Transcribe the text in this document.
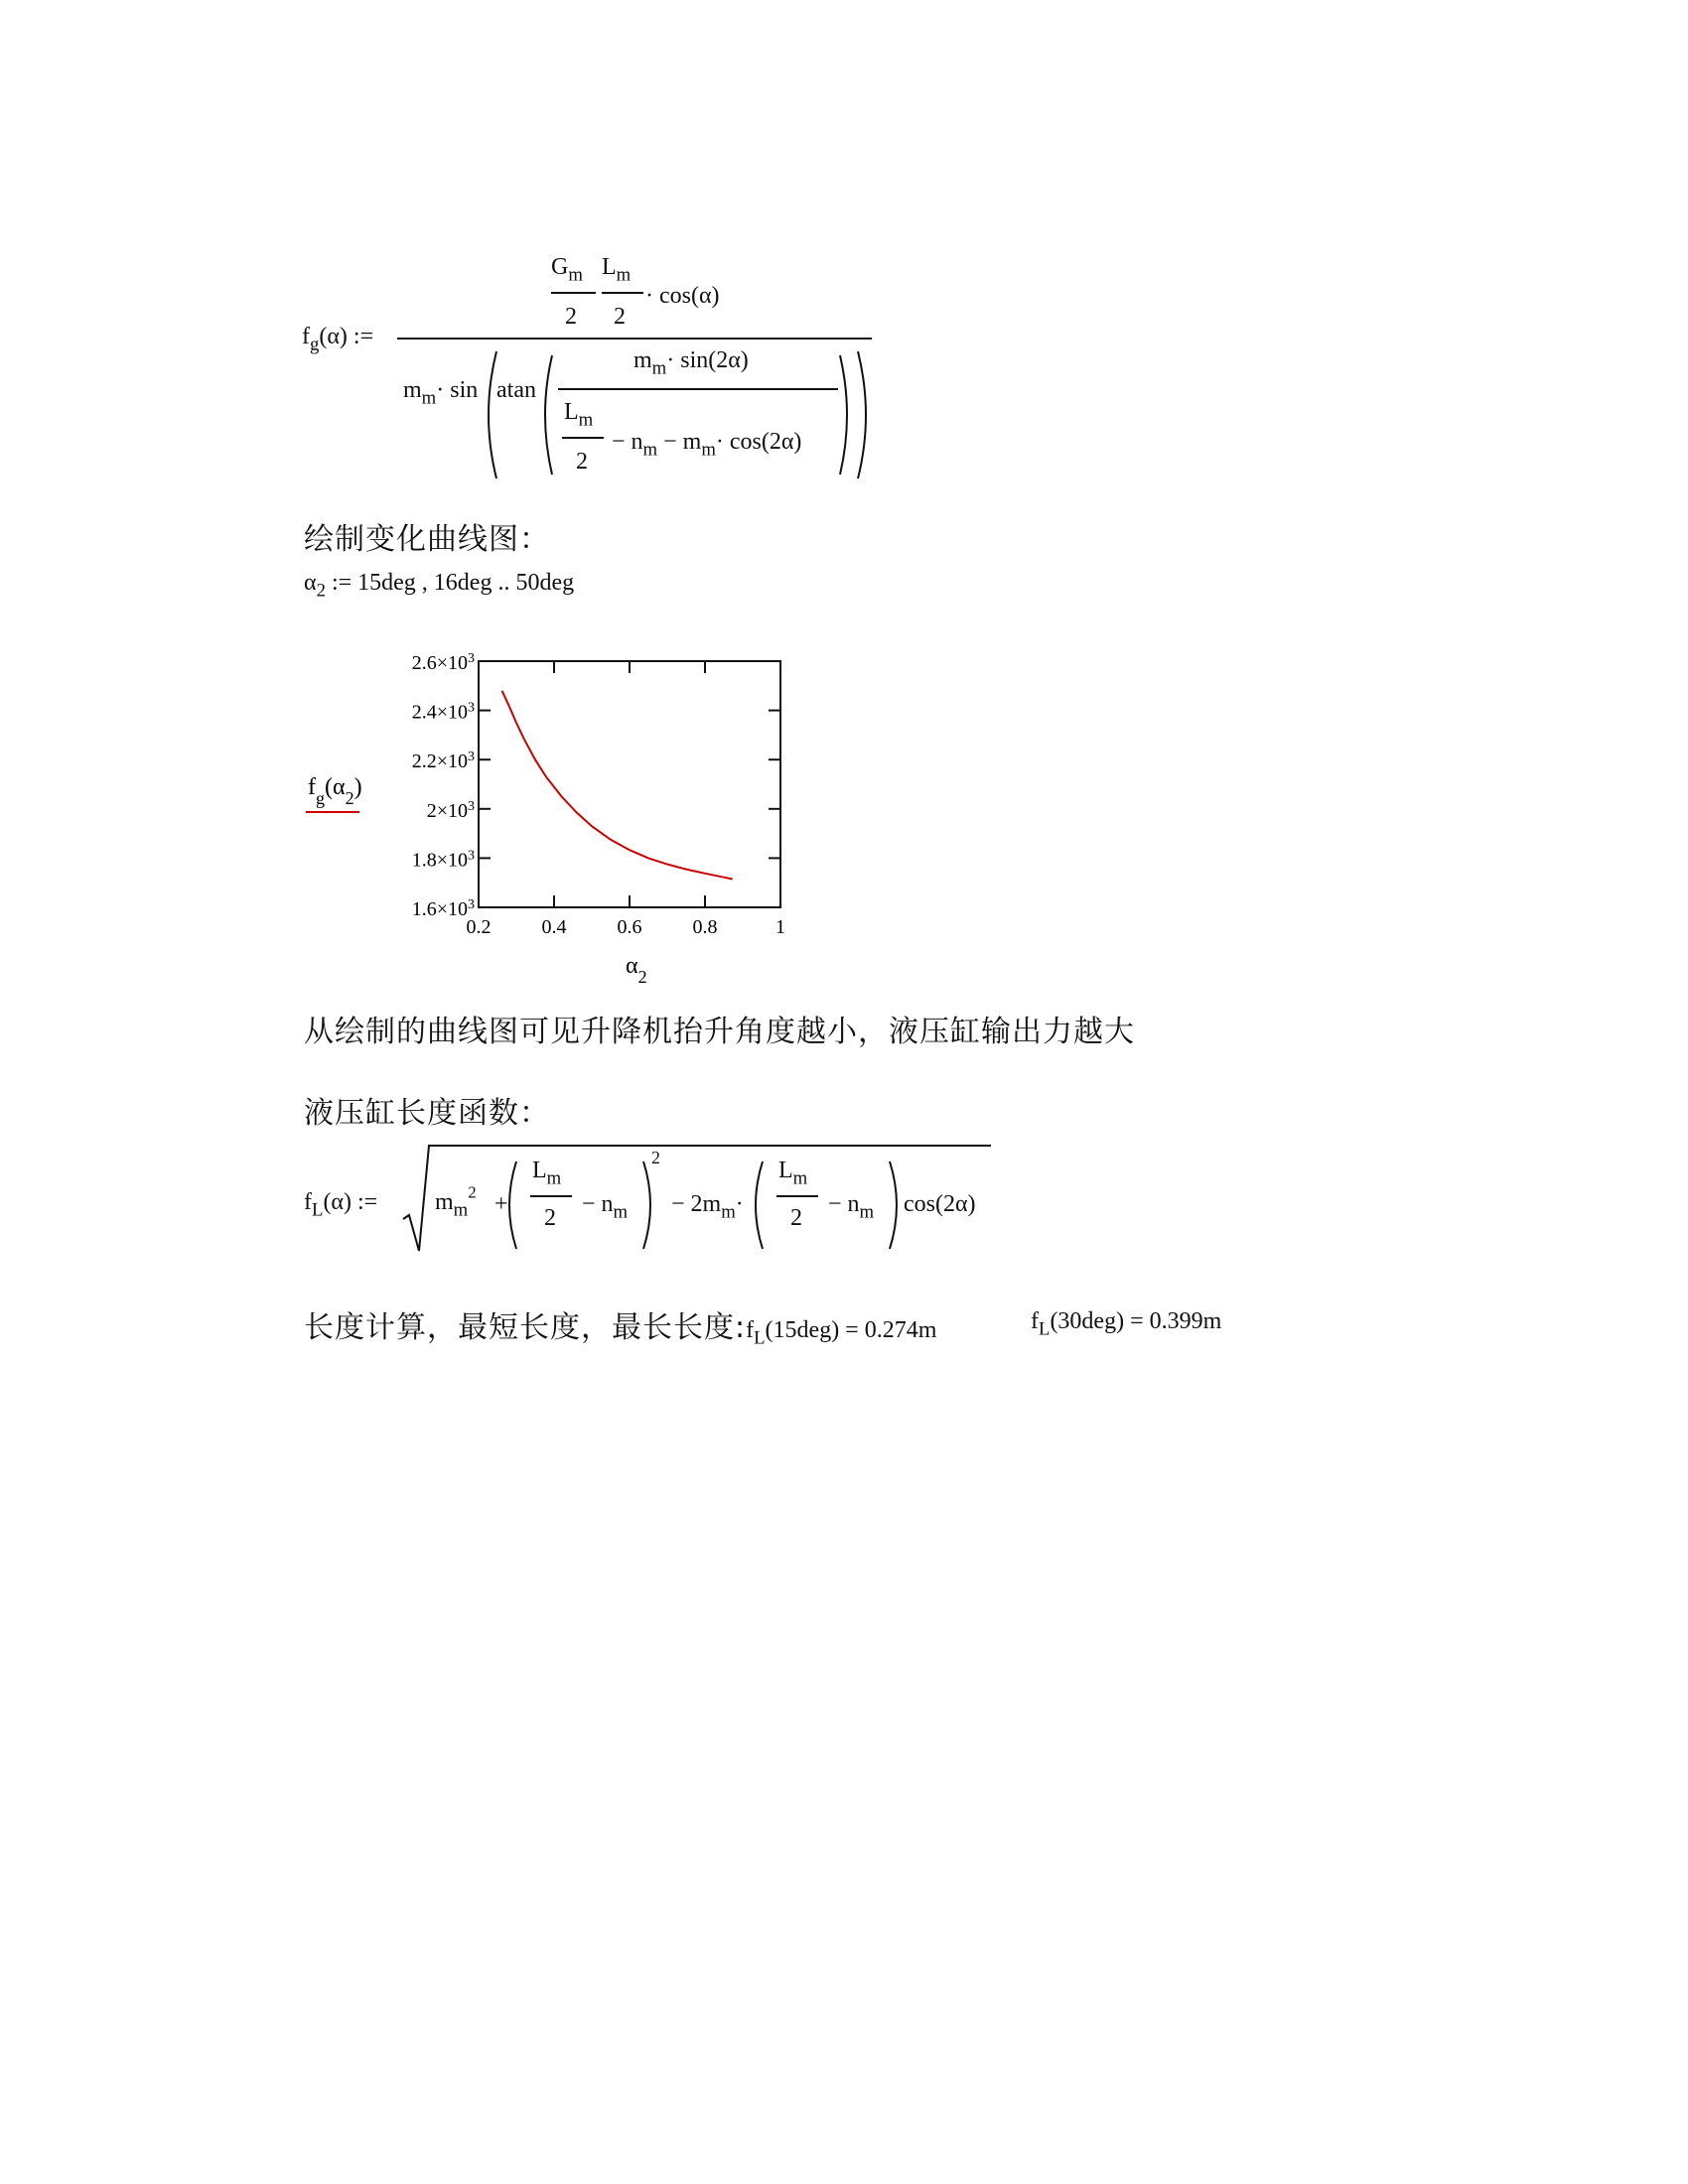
$f_g(\alpha)$ :=
$G_m$
2
$L_m$
2
· cos(α)
$m_m\cdot \sin atan$
$m_m\cdot \sin(2\alpha)$
$L_m$
2
− $n_m - m_m\cdot \cos(2\alpha)$
绘制变化曲线图：
$\alpha_2$ := 15deg , 16deg .. 50deg
0.2	0.4	0.6	0.8	1
$1.6\times 10^3$
$1.8\times 10^3$
$2\times 10^3$
$2.2\times 10^3$
$2.4\times 10^3$
$2.6\times 10^3$
$f_g(\alpha_2)$
$\alpha_2$
从绘制的曲线图可见升降机抬升角度越小，液压缸输出力越大
液压缸长度函数：
$f_L(\alpha)$ := $m_m^2$ +
$L_m$
2
− $n_m$
2
− $2m_m\cdot$
$L_m$
2
− $n_m$ cos(2α)
长度计算，最短长度，最长长度$:f_L(15deg) = 0.274m$	$f_L(30deg) = 0.399m$
